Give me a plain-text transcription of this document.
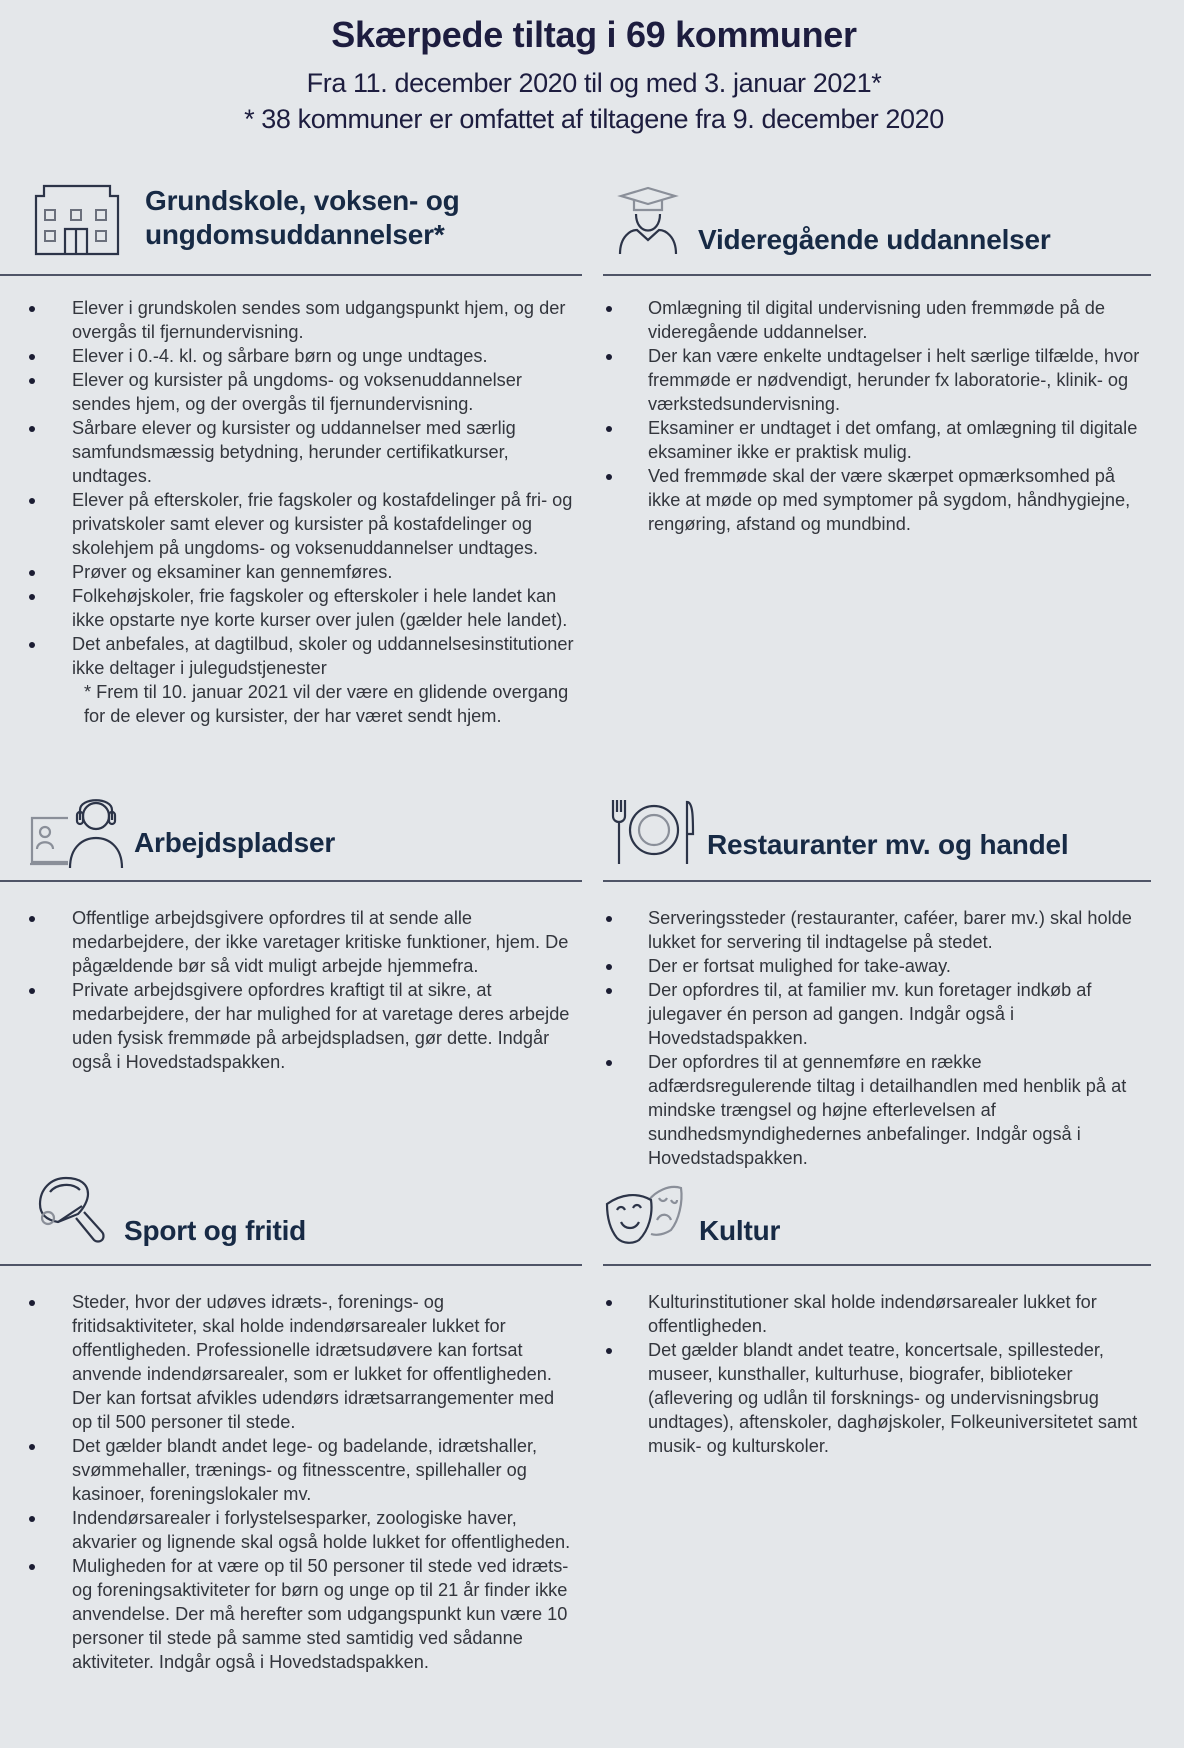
Skærpede tiltag i 69 kommuner
Fra 11. december 2020 til og med 3. januar 2021*
* 38 kommuner er omfattet af tiltagene fra 9. december 2020
Grundskole, voksen- og
ungdomsuddannelser*
Elever i grundskolen sendes som udgangspunkt hjem, og der overgås til fjernundervisning.
Elever i 0.-4. kl. og sårbare børn og unge undtages.
Elever og kursister på ungdoms- og voksenuddannelser sendes hjem, og der overgås til fjernundervisning.
Sårbare elever og kursister og uddannelser med særlig samfundsmæssig betydning, herunder certifikatkurser, undtages.
Elever på efterskoler, frie fagskoler og kostafdelinger på fri- og privatskoler samt elever og kursister på kostafdelinger og skolehjem på ungdoms- og voksenuddannelser undtages.
Prøver og eksaminer kan gennemføres.
Folkehøjskoler, frie fagskoler og efterskoler i hele landet kan ikke opstarte nye korte kurser over julen (gælder hele landet).
Det anbefales, at dagtilbud, skoler og uddannelsesinstitutioner ikke deltager i julegudstjenester
* Frem til 10. januar 2021 vil der være en glidende overgang for de elever og kursister, der har været sendt hjem.
Videregående uddannelser
Omlægning til digital undervisning uden fremmøde på de videregående uddannelser.
Der kan være enkelte undtagelser i helt særlige tilfælde, hvor fremmøde er nødvendigt, herunder fx laboratorie-, klinik- og værkstedsundervisning.
Eksaminer er undtaget i det omfang, at omlægning til digitale eksaminer ikke er praktisk mulig.
Ved fremmøde skal der være skærpet opmærksomhed på ikke at møde op med symptomer på sygdom, håndhygiejne, rengøring, afstand og mundbind.
Arbejdspladser
Offentlige arbejdsgivere opfordres til at sende alle medarbejdere, der ikke varetager kritiske funktioner, hjem. De pågældende bør så vidt muligt arbejde hjemmefra.
Private arbejdsgivere opfordres kraftigt til at sikre, at medarbejdere, der har mulighed for at varetage deres arbejde uden fysisk fremmøde på arbejdspladsen, gør dette. Indgår også i Hovedstadspakken.
Restauranter mv. og handel
Serveringssteder (restauranter, caféer, barer mv.) skal holde lukket for servering til indtagelse på stedet.
Der er fortsat mulighed for take-away.
Der opfordres til, at familier mv. kun foretager indkøb af julegaver én person ad gangen. Indgår også i Hovedstadspakken.
Der opfordres til at gennemføre en række adfærdsregulerende tiltag i detailhandlen med henblik på at mindske trængsel og højne efterlevelsen af sundhedsmyndighedernes anbefalinger. Indgår også i Hovedstadspakken.
Sport og fritid
Steder, hvor der udøves idræts-, forenings- og fritidsaktiviteter, skal holde indendørsarealer lukket for offentligheden. Professionelle idrætsudøvere kan fortsat anvende indendørsarealer, som er lukket for offentligheden. Der kan fortsat afvikles udendørs idrætsarrangementer med op til 500 personer til stede.
Det gælder blandt andet lege- og badelande, idrætshaller, svømmehaller, trænings- og fitnesscentre, spillehaller og kasinoer, foreningslokaler mv.
Indendørsarealer i forlystelsesparker, zoologiske haver, akvarier og lignende skal også holde lukket for offentligheden.
Muligheden for at være op til 50 personer til stede ved idræts- og foreningsaktiviteter for børn og unge op til 21 år finder ikke anvendelse. Der må herefter som udgangspunkt kun være 10 personer til stede på samme sted samtidig ved sådanne aktiviteter. Indgår også i Hovedstadspakken.
Kultur
Kulturinstitutioner skal holde indendørsarealer lukket for offentligheden.
Det gælder blandt andet teatre, koncertsale, spillesteder, museer, kunsthaller, kulturhuse, biografer, biblioteker (aflevering og udlån til forsknings- og undervisningsbrug undtages), aftenskoler, daghøjskoler, Folkeuniversitetet samt musik- og kulturskoler.
